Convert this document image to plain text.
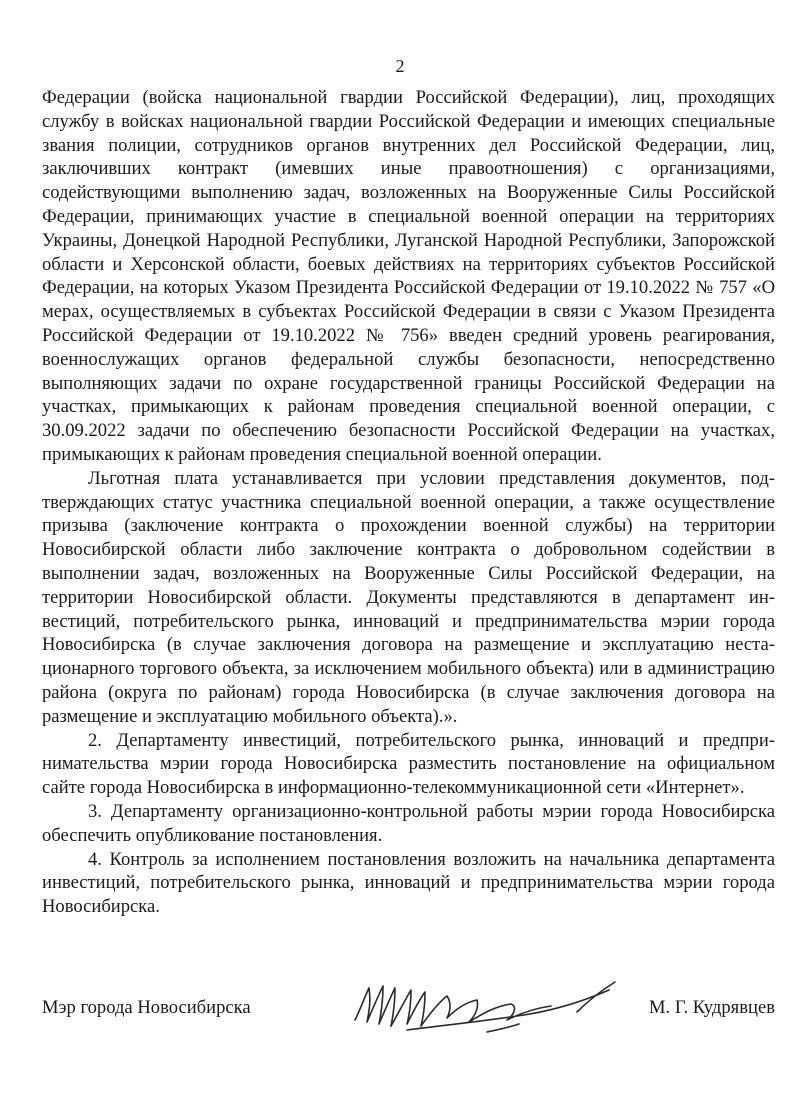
2

Федерации (войска национальной гвардии Российской Федерации), лиц, проходящих службу в войсках национальной гвардии Российской Федерации и имеющих специальные звания полиции, сотрудников органов внутренних дел Российской Федерации, лиц, заключивших контракт (имевших иные правоотношения) с организациями, содействующими выполнению задач, возложенных на Вооруженные Силы Российской Федерации, принимающих участие в специальной военной операции на территориях Украины, Донецкой Народной Республики, Луганской Народной Республики, Запорожской области и Херсонской области, боевых действиях на территориях субъектов Российской Федерации, на которых Указом Президента Российской Федерации от 19.10.2022 № 757 «О мерах, осуществляемых в субъектах Российской Федерации в связи с Указом Президента Российской Федерации от 19.10.2022 № 756» введен средний уровень реагирования, военнослужащих органов федеральной службы безопасности, непосредственно выполняющих задачи по охране государственной границы Российской Федерации на участках, примыкающих к районам проведения специальной военной операции, с 30.09.2022 задачи по обеспечению безопасности Российской Федерации на участках, примыкающих к районам проведения специальной военной операции.

Льготная плата устанавливается при условии представления документов, подтверждающих статус участника специальной военной операции, а также осуществление призыва (заключение контракта о прохождении военной службы) на территории Новосибирской области либо заключение контракта о добровольном содействии в выполнении задач, возложенных на Вооруженные Силы Российской Федерации, на территории Новосибирской области. Документы представляются в департамент инвестиций, потребительского рынка, инноваций и предпринимательства мэрии города Новосибирска (в случае заключения договора на размещение и эксплуатацию нестационарного торгового объекта, за исключением мобильного объекта) или в администрацию района (округа по районам) города Новосибирска (в случае заключения договора на размещение и эксплуатацию мобильного объекта).».

2. Департаменту инвестиций, потребительского рынка, инноваций и предпринимательства мэрии города Новосибирска разместить постановление на официальном сайте города Новосибирска в информационно-телекоммуникационной сети «Интернет».

3. Департаменту организационно-контрольной работы мэрии города Новосибирска обеспечить опубликование постановления.

4. Контроль за исполнением постановления возложить на начальника департамента инвестиций, потребительского рынка, инноваций и предпринимательства мэрии города Новосибирска.

Мэр города Новосибирска	М. Г. Кудрявцев
